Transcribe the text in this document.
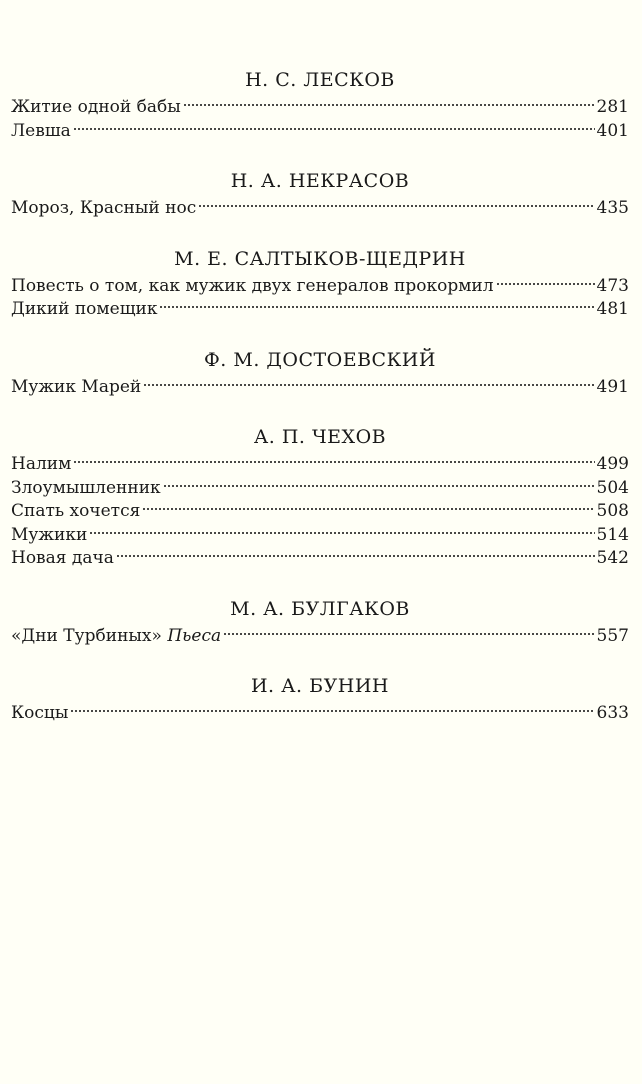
Н. С. ЛЕСКОВ
Житие одной бабы	281
Левша	401
Н. А. НЕКРАСОВ
Мороз, Красный нос	435
М. Е. САЛТЫКОВ-ЩЕДРИН
Повесть о том, как мужик двух генералов прокормил	473
Дикий помещик	481
Ф. М. ДОСТОЕВСКИЙ
Мужик Марей	491
А. П. ЧЕХОВ
Налим	499
Злоумышленник	504
Спать хочется	508
Мужики	514
Новая дача	542
М. А. БУЛГАКОВ
«Дни Турбиных» Пьеса	557
И. А. БУНИН
Косцы	633
